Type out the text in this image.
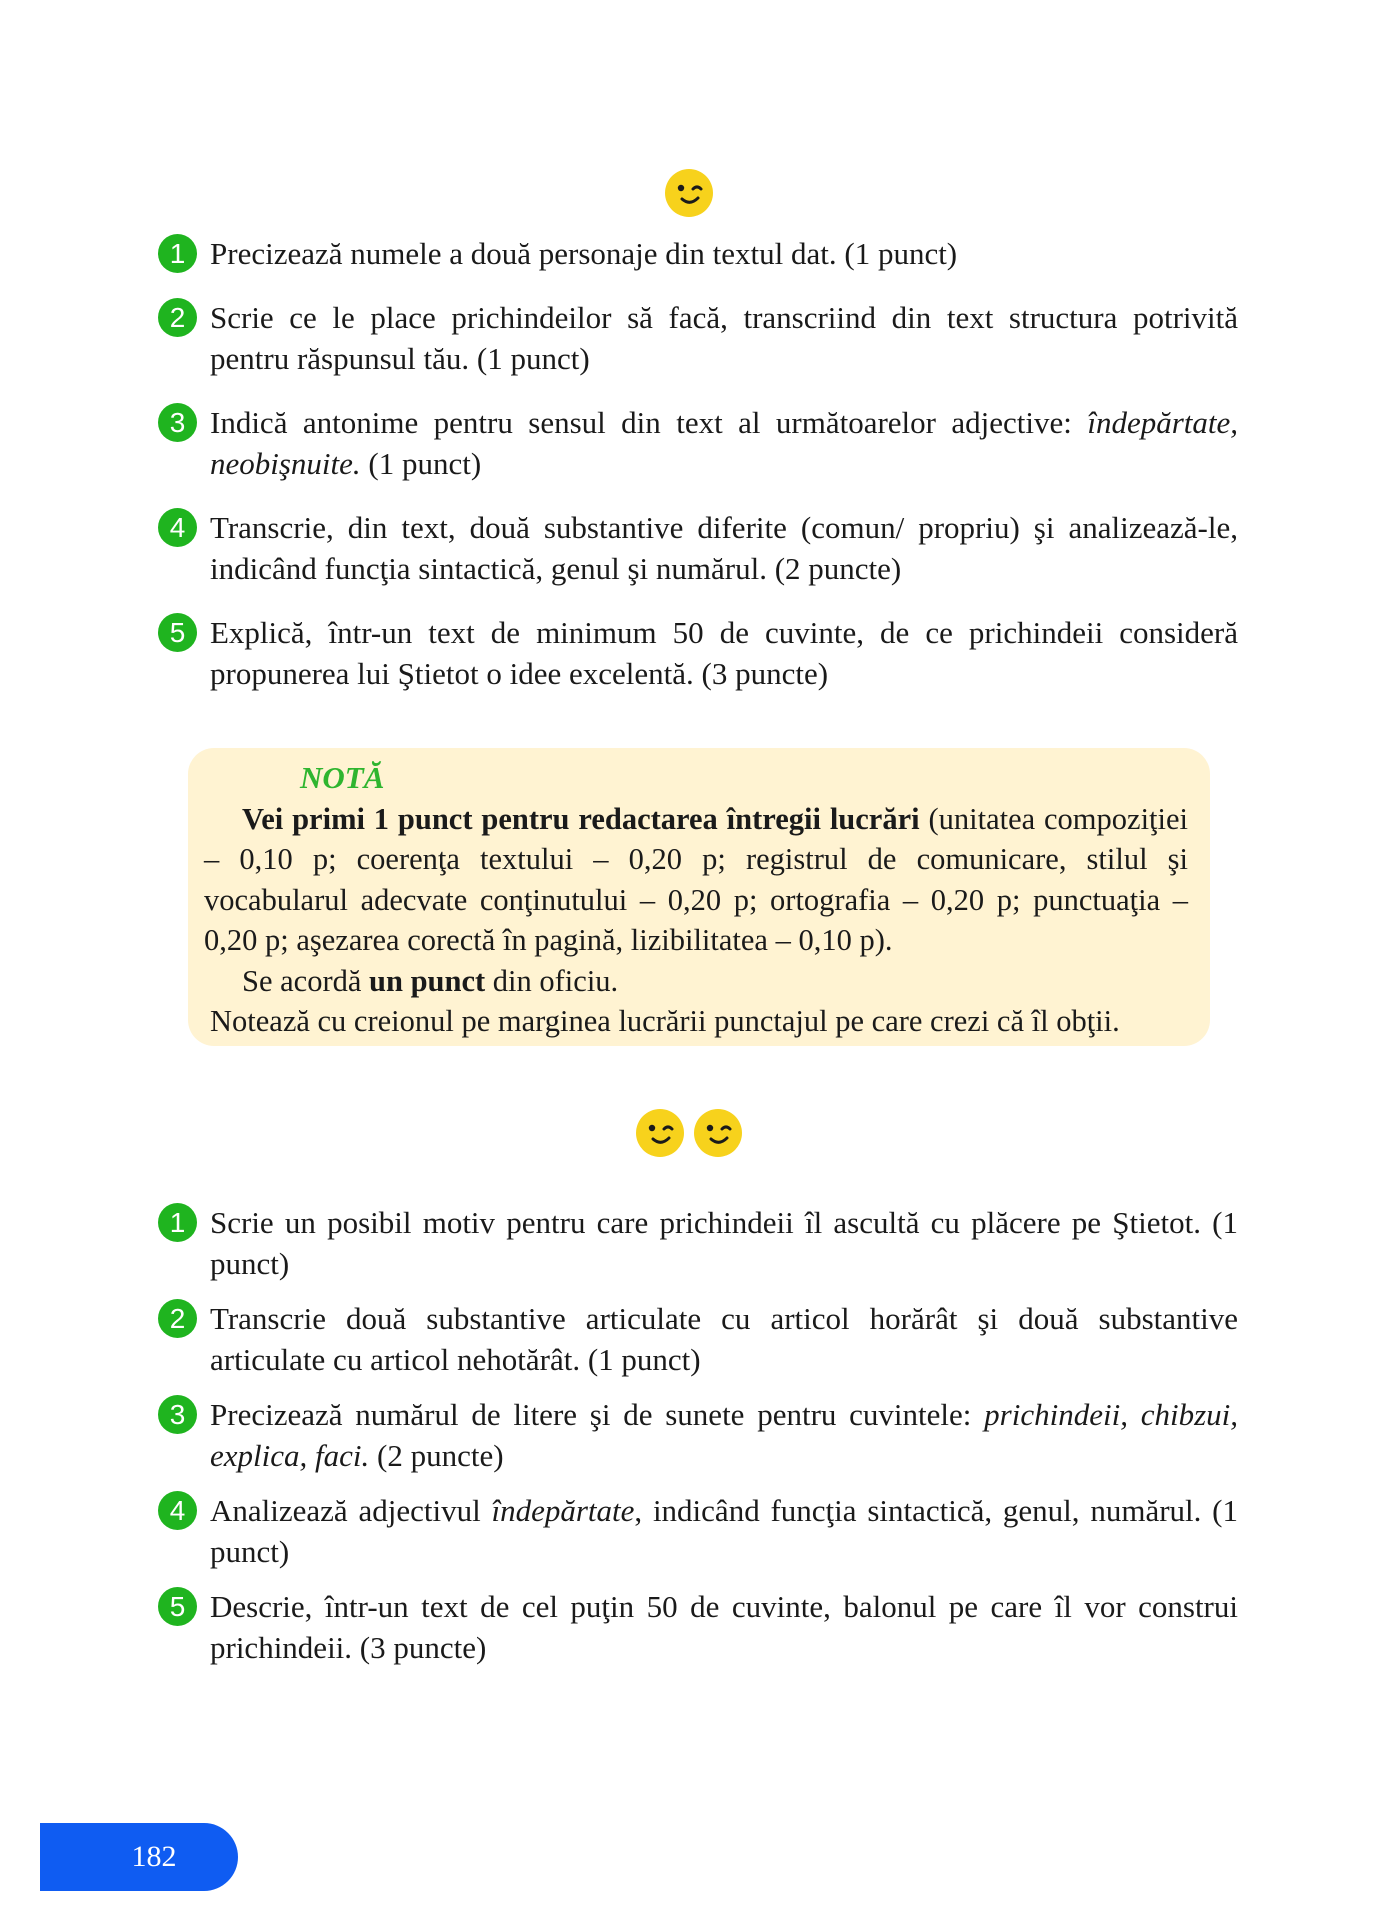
1 Precizează numele a două personaje din textul dat. (1 punct)
2 Scrie ce le place prichindeilor să facă, transcriind din text structura potrivită pentru răspunsul tău. (1 punct)
3 Indică antonime pentru sensul din text al următoarelor adjective: îndepărtate, neobişnuite. (1 punct)
4 Transcrie, din text, două substantive diferite (comun/ propriu) şi analizează-le, indicând funcţia sintactică, genul şi numărul. (2 puncte)
5 Explică, într-un text de minimum 50 de cuvinte, de ce prichindeii consideră propunerea lui Ştietot o idee excelentă. (3 puncte)
NOTĂ

Vei primi 1 punct pentru redactarea întregii lucrări (unitatea compoziţiei – 0,10 p; coerenţa textului – 0,20 p; registrul de comunicare, stilul şi vocabularul adecvate conţinutului – 0,20 p; ortografia – 0,20 p; punctuaţia – 0,20 p; aşezarea corectă în pagină, lizibilitatea – 0,10 p).

Se acordă un punct din oficiu.

Notează cu creionul pe marginea lucrării punctajul pe care crezi că îl obţii.

1 Scrie un posibil motiv pentru care prichindeii îl ascultă cu plăcere pe Ştietot. (1 punct)
2 Transcrie două substantive articulate cu articol horărât şi două substantive articulate cu articol nehotărât. (1 punct)
3 Precizează numărul de litere şi de sunete pentru cuvintele: prichindeii, chibzui, explica, faci. (2 puncte)
4 Analizează adjectivul îndepărtate, indicând funcţia sintactică, genul, numărul. (1 punct)
5 Descrie, într-un text de cel puţin 50 de cuvinte, balonul pe care îl vor construi prichindeii. (3 puncte)
182
